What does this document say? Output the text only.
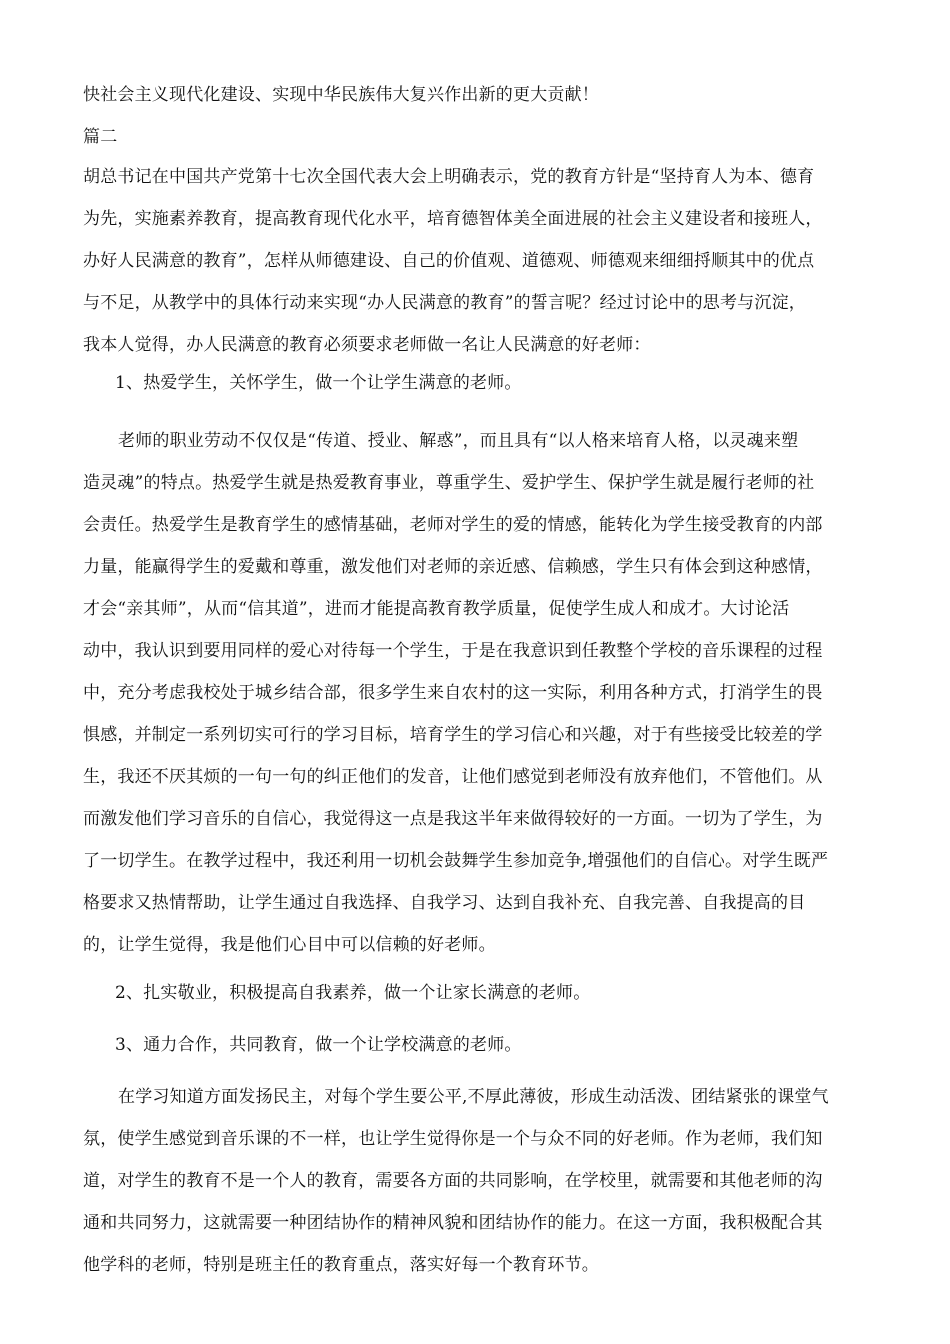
快社会主义现代化建设、实现中华民族伟大复兴作出新的更大贡献！
篇二
胡总书记在中国共产党第十七次全国代表大会上明确表示，党的教育方针是“坚持育人为本、德育
为先，实施素养教育，提高教育现代化水平，培育德智体美全面进展的社会主义建设者和接班人，
办好人民满意的教育”，怎样从师德建设、自己的价值观、道德观、师德观来细细捋顺其中的优点
与不足，从教学中的具体行动来实现“办人民满意的教育”的誓言呢？经过讨论中的思考与沉淀，
我本人觉得，办人民满意的教育必须要求老师做一名让人民满意的好老师：
1、热爱学生，关怀学生，做一个让学生满意的老师。
老师的职业劳动不仅仅是“传道、授业、解惑”，而且具有“以人格来培育人格，以灵魂来塑
造灵魂”的特点。热爱学生就是热爱教育事业，尊重学生、爱护学生、保护学生就是履行老师的社
会责任。热爱学生是教育学生的感情基础，老师对学生的爱的情感，能转化为学生接受教育的内部
力量，能赢得学生的爱戴和尊重，激发他们对老师的亲近感、信赖感，学生只有体会到这种感情，
才会“亲其师”，从而“信其道”，进而才能提高教育教学质量，促使学生成人和成才。大讨论活
动中，我认识到要用同样的爱心对待每一个学生，于是在我意识到任教整个学校的音乐课程的过程
中，充分考虑我校处于城乡结合部，很多学生来自农村的这一实际，利用各种方式，打消学生的畏
惧感，并制定一系列切实可行的学习目标，培育学生的学习信心和兴趣，对于有些接受比较差的学
生，我还不厌其烦的一句一句的纠正他们的发音，让他们感觉到老师没有放弃他们，不管他们。从
而激发他们学习音乐的自信心，我觉得这一点是我这半年来做得较好的一方面。一切为了学生，为
了一切学生。在教学过程中，我还利用一切机会鼓舞学生参加竞争,增强他们的自信心。对学生既严
格要求又热情帮助，让学生通过自我选择、自我学习、达到自我补充、自我完善、自我提高的目
的，让学生觉得，我是他们心目中可以信赖的好老师。
2、扎实敬业，积极提高自我素养，做一个让家长满意的老师。
3、通力合作，共同教育，做一个让学校满意的老师。
在学习知道方面发扬民主，对每个学生要公平,不厚此薄彼，形成生动活泼、团结紧张的课堂气
氛，使学生感觉到音乐课的不一样，也让学生觉得你是一个与众不同的好老师。作为老师，我们知
道，对学生的教育不是一个人的教育，需要各方面的共同影响，在学校里，就需要和其他老师的沟
通和共同努力，这就需要一种团结协作的精神风貌和团结协作的能力。在这一方面，我积极配合其
他学科的老师，特别是班主任的教育重点，落实好每一个教育环节。
